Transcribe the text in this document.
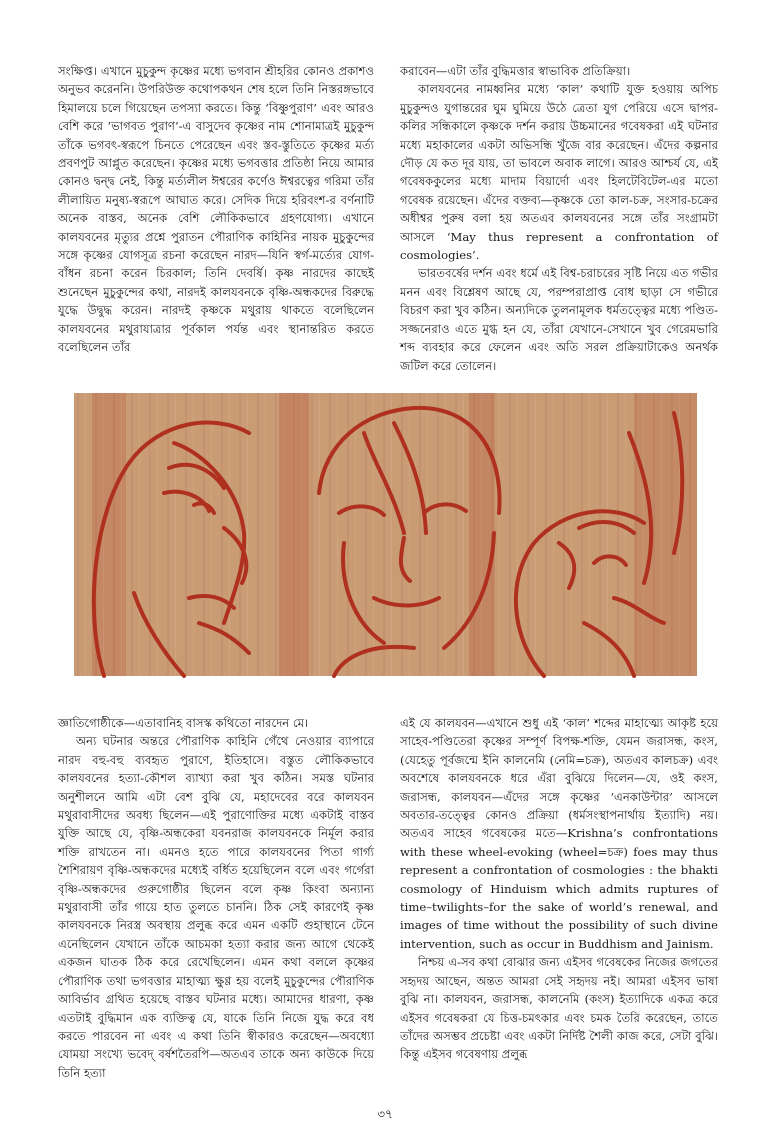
সংক্ষিপ্ত। এখানে মুচুকুন্দ কৃষ্ণের মধ্যে ভগবান শ্রীহরির কোনও প্রকাশও অনুভব করেননি। উপরিউক্ত কথোপকথন শেষ হলে তিনি নিস্তরঙ্গভাবে হিমালয়ে চলে গিয়েছেন তপস্যা করতে। কিন্তু ‘বিষ্ণুপুরাণ’ এবং আরও বেশি করে ‘ভাগবত পুরাণ’-এ বাসুদেব কৃষ্ণের নাম শোনামাত্রই মুচুকুন্দ তাঁকে ভগবৎ-স্বরূপে চিনতে পেরেছেন এবং স্তব-স্তুতিতে কৃষ্ণের মর্ত্য প্রবণপুট আপ্লুত করেছেন। কৃষ্ণের মধ্যে ভগবত্তার প্রতিষ্ঠা নিয়ে আমার কোনও দ্বন্দ্ব নেই, কিন্তু মর্ত্যলীল ঈশ্বরের কর্ণেও ঈশ্বরত্বের গরিমা তাঁর লীলায়িত মনুষ্য-স্বরূপে আঘাত করে। সেদিক দিয়ে হরিবংশ-র বর্ণনাটি অনেক বাস্তব, অনেক বেশি লৌকিকভাবে গ্রহণযোগ্য। এখানে কালযবনের মৃত্যুর প্রশ্নে পুরাতন পৌরাণিক কাহিনির নায়ক মুচুকুন্দের সঙ্গে কৃষ্ণের যোগসূত্র রচনা করেছেন নারদ—যিনি স্বর্গ-মর্ত্যের যোগ-বাঁধন রচনা করেন চিরকাল; তিনি দেবর্ষি। কৃষ্ণ নারদের কাছেই শুনেছেন মুচুকুন্দের কথা, নারদই কালযবনকে বৃষ্ণি-অন্ধকদের বিরুদ্ধে যুদ্ধে উদ্বুদ্ধ করেন। নারদই কৃষ্ণকে মথুরায় থাকতে বলেছিলেন কালযবনের মথুরাযাত্রার পূর্বকাল পর্যন্ত এবং স্থানান্তরিত করতে বলেছিলেন তাঁর

করাবেন—এটা তাঁর বুদ্ধিমত্তার স্বাভাবিক প্রতিক্রিয়া।

কালযবনের নামধ্বনির মধ্যে ‘কাল’ কথাটি যুক্ত হওয়ায় অপিচ মুচুকুন্দও যুগান্তরের ঘুম ঘুমিয়ে উঠে ত্রেতা যুগ পেরিয়ে এসে দ্বাপর-কলির সন্ধিকালে কৃষ্ণকে দর্শন করায় উচ্চমানের গবেষকরা এই ঘটনার মধ্যে মহাকালের একটা অভিসন্ধি খুঁজে বার করেছেন। এঁদের কল্পনার দৌড় যে কত দূর যায়, তা ভাবলে অবাক লাগে। আরও আশ্চর্য যে, এই গবেষককুলের মধ্যে মাদাম বিয়ার্দো এবং হিলটেবিটেল-এর মতো গবেষক রয়েছেন। এঁদের বক্তব্য—কৃষ্ণকে তো কাল-চক্র, সংসার-চক্রের অধীশ্বর পুরুষ বলা হয় অতএব কালযবনের সঙ্গে তাঁর সংগ্রামটা আসলে ‘May thus represent a confrontation of cosmologies’.

ভারতবর্ষের দর্শন এবং ধর্মে এই বিশ্ব-চরাচরের সৃষ্টি নিয়ে এত গভীর মনন এবং বিশ্লেষণ আছে যে, পরম্পরাপ্রাপ্ত বোধ ছাড়া সে গভীরে বিচরণ করা খুব কঠিন। অন্যদিকে তুলনামূলক ধর্মতত্ত্বের মধ্যে পণ্ডিত-সজ্জনেরাও এতে মুগ্ধ হন যে, তাঁরা যেখানে-সেখানে খুব গেরেমভারি শব্দ ব্যবহার করে ফেলেন এবং অতি সরল প্রক্রিয়াটাকেও অনর্থক জটিল করে তোলেন।

জ্ঞাতিগোষ্ঠীকে—এতাবানিহ বাসস্ক কথিতো নারদেন মে।

অন্য ঘটনার অন্তরে পৌরাণিক কাহিনি গেঁথে নেওয়ার ব্যাপারে নারদ বহু-বহু ব্যবহৃত পুরাণে, ইতিহাসে। বস্তুত লৌকিকভাবে কালযবনের হত্যা-কৌশল ব্যাখ্যা করা খুব কঠিন। সমস্ত ঘটনার অনুশীলনে আমি এটা বেশ বুঝি যে, মহাদেবের বরে কালযবন মথুরাবাসীদের অবধ্য ছিলেন—এই পুরাণোক্তির মধ্যে একটাই বাস্তব যুক্তি আছে যে, বৃষ্ণি-অন্ধকেরা যবনরাজ কালযবনকে নির্মূল করার শক্তি রাখতেন না। এমনও হতে পারে কালযবনের পিতা গার্গ্য শৈশিরায়ণ বৃষ্ণি-অন্ধকদের মধ্যেই বর্ধিত হয়েছিলেন বলে এবং গর্গেরা বৃষ্ণি-অন্ধকদের গুরুগোষ্ঠীর ছিলেন বলে কৃষ্ণ কিংবা অন্যান্য মথুরাবাসী তাঁর গায়ে হাত তুলতে চাননি। ঠিক সেই কারণেই কৃষ্ণ কালযবনকে নিরস্ত্র অবস্থায় প্রলুব্ধ করে এমন একটি গুহাস্থানে টেনে এনেছিলেন যেখানে তাঁকে আচমকা হত্যা করার জন্য আগে থেকেই একজন ঘাতক ঠিক করে রেখেছিলেন। এমন কথা বললে কৃষ্ণের পৌরাণিক তথা ভগবত্তার মাহাত্ম্য ক্ষুণ্ণ হয় বলেই মুচুকুন্দের পৌরাণিক আবির্ভাব গ্রথিত হয়েছে বাস্তব ঘটনার মধ্যে। আমাদের ধারণা, কৃষ্ণ এতটাই বুদ্ধিমান এক ব্যক্তিত্ব যে, যাকে তিনি নিজে যুদ্ধ করে বধ করতে পারবেন না এবং এ কথা তিনি স্বীকারও করেছেন—অবধ্যো যোময়া সংখ্যে ভবেদ্ বর্ষশতৈরপি—অতএব তাকে অন্য কাউকে দিয়ে তিনি হত্যা

এই যে কালযবন—এখানে শুধু এই ‘কাল’ শব্দের মাহাত্ম্যে আকৃষ্ট হয়ে সাহেব-পণ্ডিতেরা কৃষ্ণের সম্পূর্ণ বিপক্ষ-শক্তি, যেমন জরাসন্ধ, কংস, (যেহেতু পূর্বজন্মে ইনি কালনেমি (নেমি=চক্র), অতএব কালচক্র) এবং অবশেষে কালযবনকে ধরে এঁরা বুঝিয়ে দিলেন—যে, ওই কংস, জরাসন্ধ, কালযবন—এঁদের সঙ্গে কৃষ্ণের ‘এনকাউন্টার’ আসলে অবতার-তত্ত্বের কোনও প্রক্রিয়া (ধর্মসংস্থাপনার্থায় ইত্যাদি) নয়। অতএব সাহেব গবেষকের মতে—Krishna’s confrontations with these wheel-evoking (wheel=চক্র) foes may thus represent a confrontation of cosmologies : the bhakti cosmology of Hinduism which admits ruptures of time–twilights–for the sake of world’s renewal, and images of time without the possibility of such divine intervention, such as occur in Buddhism and Jainism.

নিশ্চয় এ-সব কথা বোঝার জন্য এইসব গবেষকের নিজের জগতের সহৃদয় আছেন, অন্তত আমরা সেই সহৃদয় নই। আমরা এইসব ভাষা বুঝি না। কালযবন, জরাসন্ধ, কালনেমি (কংস) ইত্যাদিকে একত্র করে এইসব গবেষকরা যে চিত্ত-চমৎকার এবং চমক তৈরি করেছেন, তাতে তাঁদের অসম্ভব প্রচেষ্টা এবং একটা নির্দিষ্ট শৈলী কাজ করে, সেটা বুঝি। কিন্তু এইসব গবেষণায় প্রলুব্ধ

৩৭
